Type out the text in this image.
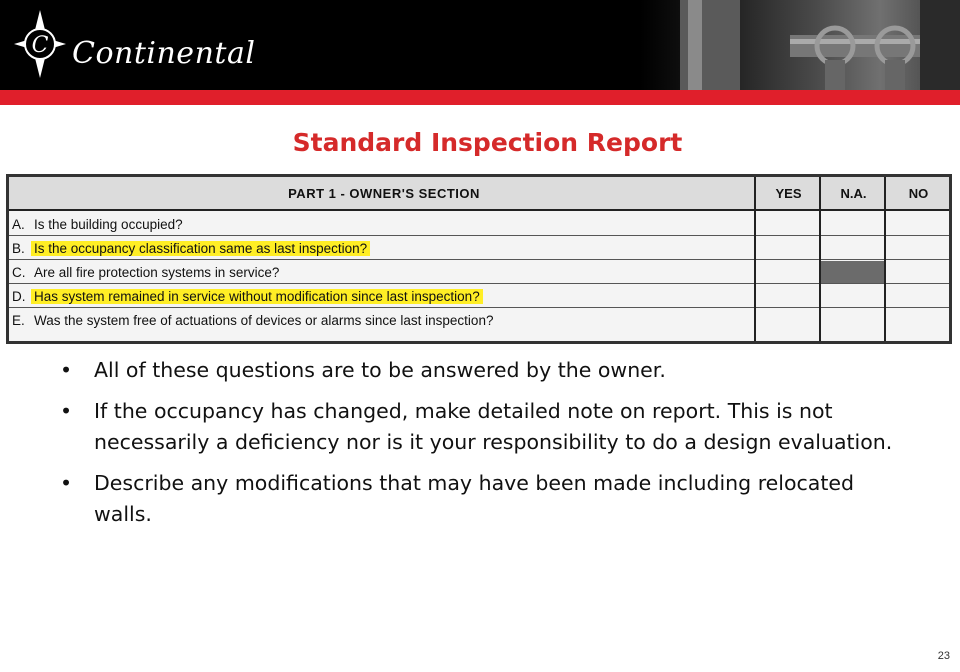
C Continental
Standard Inspection Report
PART 1 - OWNER'S SECTION	YES	N.A.	NO
A. Is the building occupied?
B. Is the occupancy classification same as last inspection?
C. Are all fire protection systems in service?
D. Has system remained in service without modification since last inspection?
E. Was the system free of actuations of devices or alarms since last inspection?
• All of these questions are to be answered by the owner.
• If the occupancy has changed, make detailed note on report. This is not necessarily a deficiency nor is it your responsibility to do a design evaluation.
• Describe any modifications that may have been made including relocated walls.
23
